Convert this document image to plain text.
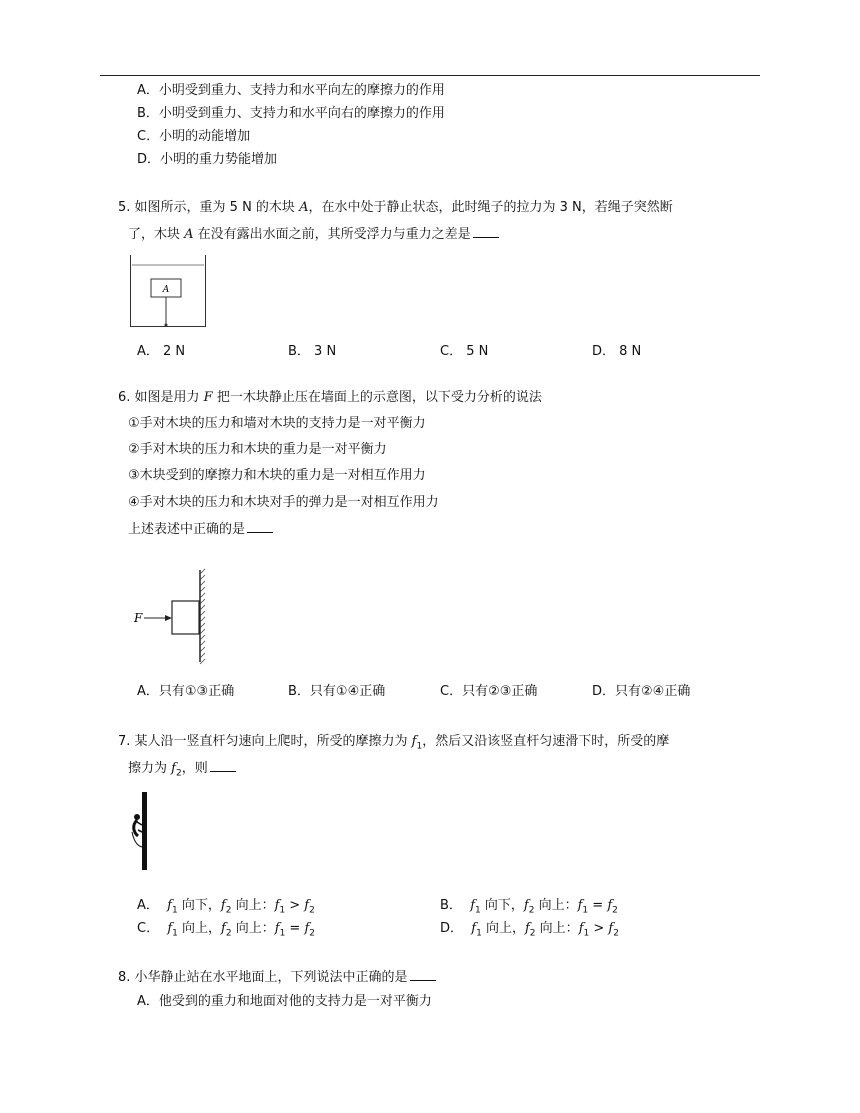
A．小明受到重力、支持力和水平向左的摩擦力的作用
B．小明受到重力、支持力和水平向右的摩擦力的作用
C．小明的动能增加
D．小明的重力势能增加
5. 如图所示，重为 5 N 的木块 A，在水中处于静止状态，此时绳子的拉力为 3 N，若绳子突然断
了，木块 A 在没有露出水面之前，其所受浮力与重力之差是
A
A． 2 N	B． 3 N	C． 5 N	D． 8 N
6. 如图是用力 F 把一木块静止压在墙面上的示意图，以下受力分析的说法
①手对木块的压力和墙对木块的支持力是一对平衡力
②手对木块的压力和木块的重力是一对平衡力
③木块受到的摩擦力和木块的重力是一对相互作用力
④手对木块的压力和木块对手的弹力是一对相互作用力
上述表述中正确的是
F
A．只有①③正确	B．只有①④正确	C．只有②③正确	D．只有②④正确
7. 某人沿一竖直杆匀速向上爬时，所受的摩擦力为 $f_1$，然后又沿该竖直杆匀速滑下时，所受的摩
擦力为 $f_2$，则
A． $f_1$ 向下，$f_2$ 向上：$f_1 > f_2$	B． $f_1$ 向下，$f_2$ 向上：$f_1 = f_2$
C． $f_1$ 向上，$f_2$ 向上：$f_1 = f_2$	D． $f_1$ 向上，$f_2$ 向上：$f_1 > f_2$
8. 小华静止站在水平地面上，下列说法中正确的是
A．他受到的重力和地面对他的支持力是一对平衡力
